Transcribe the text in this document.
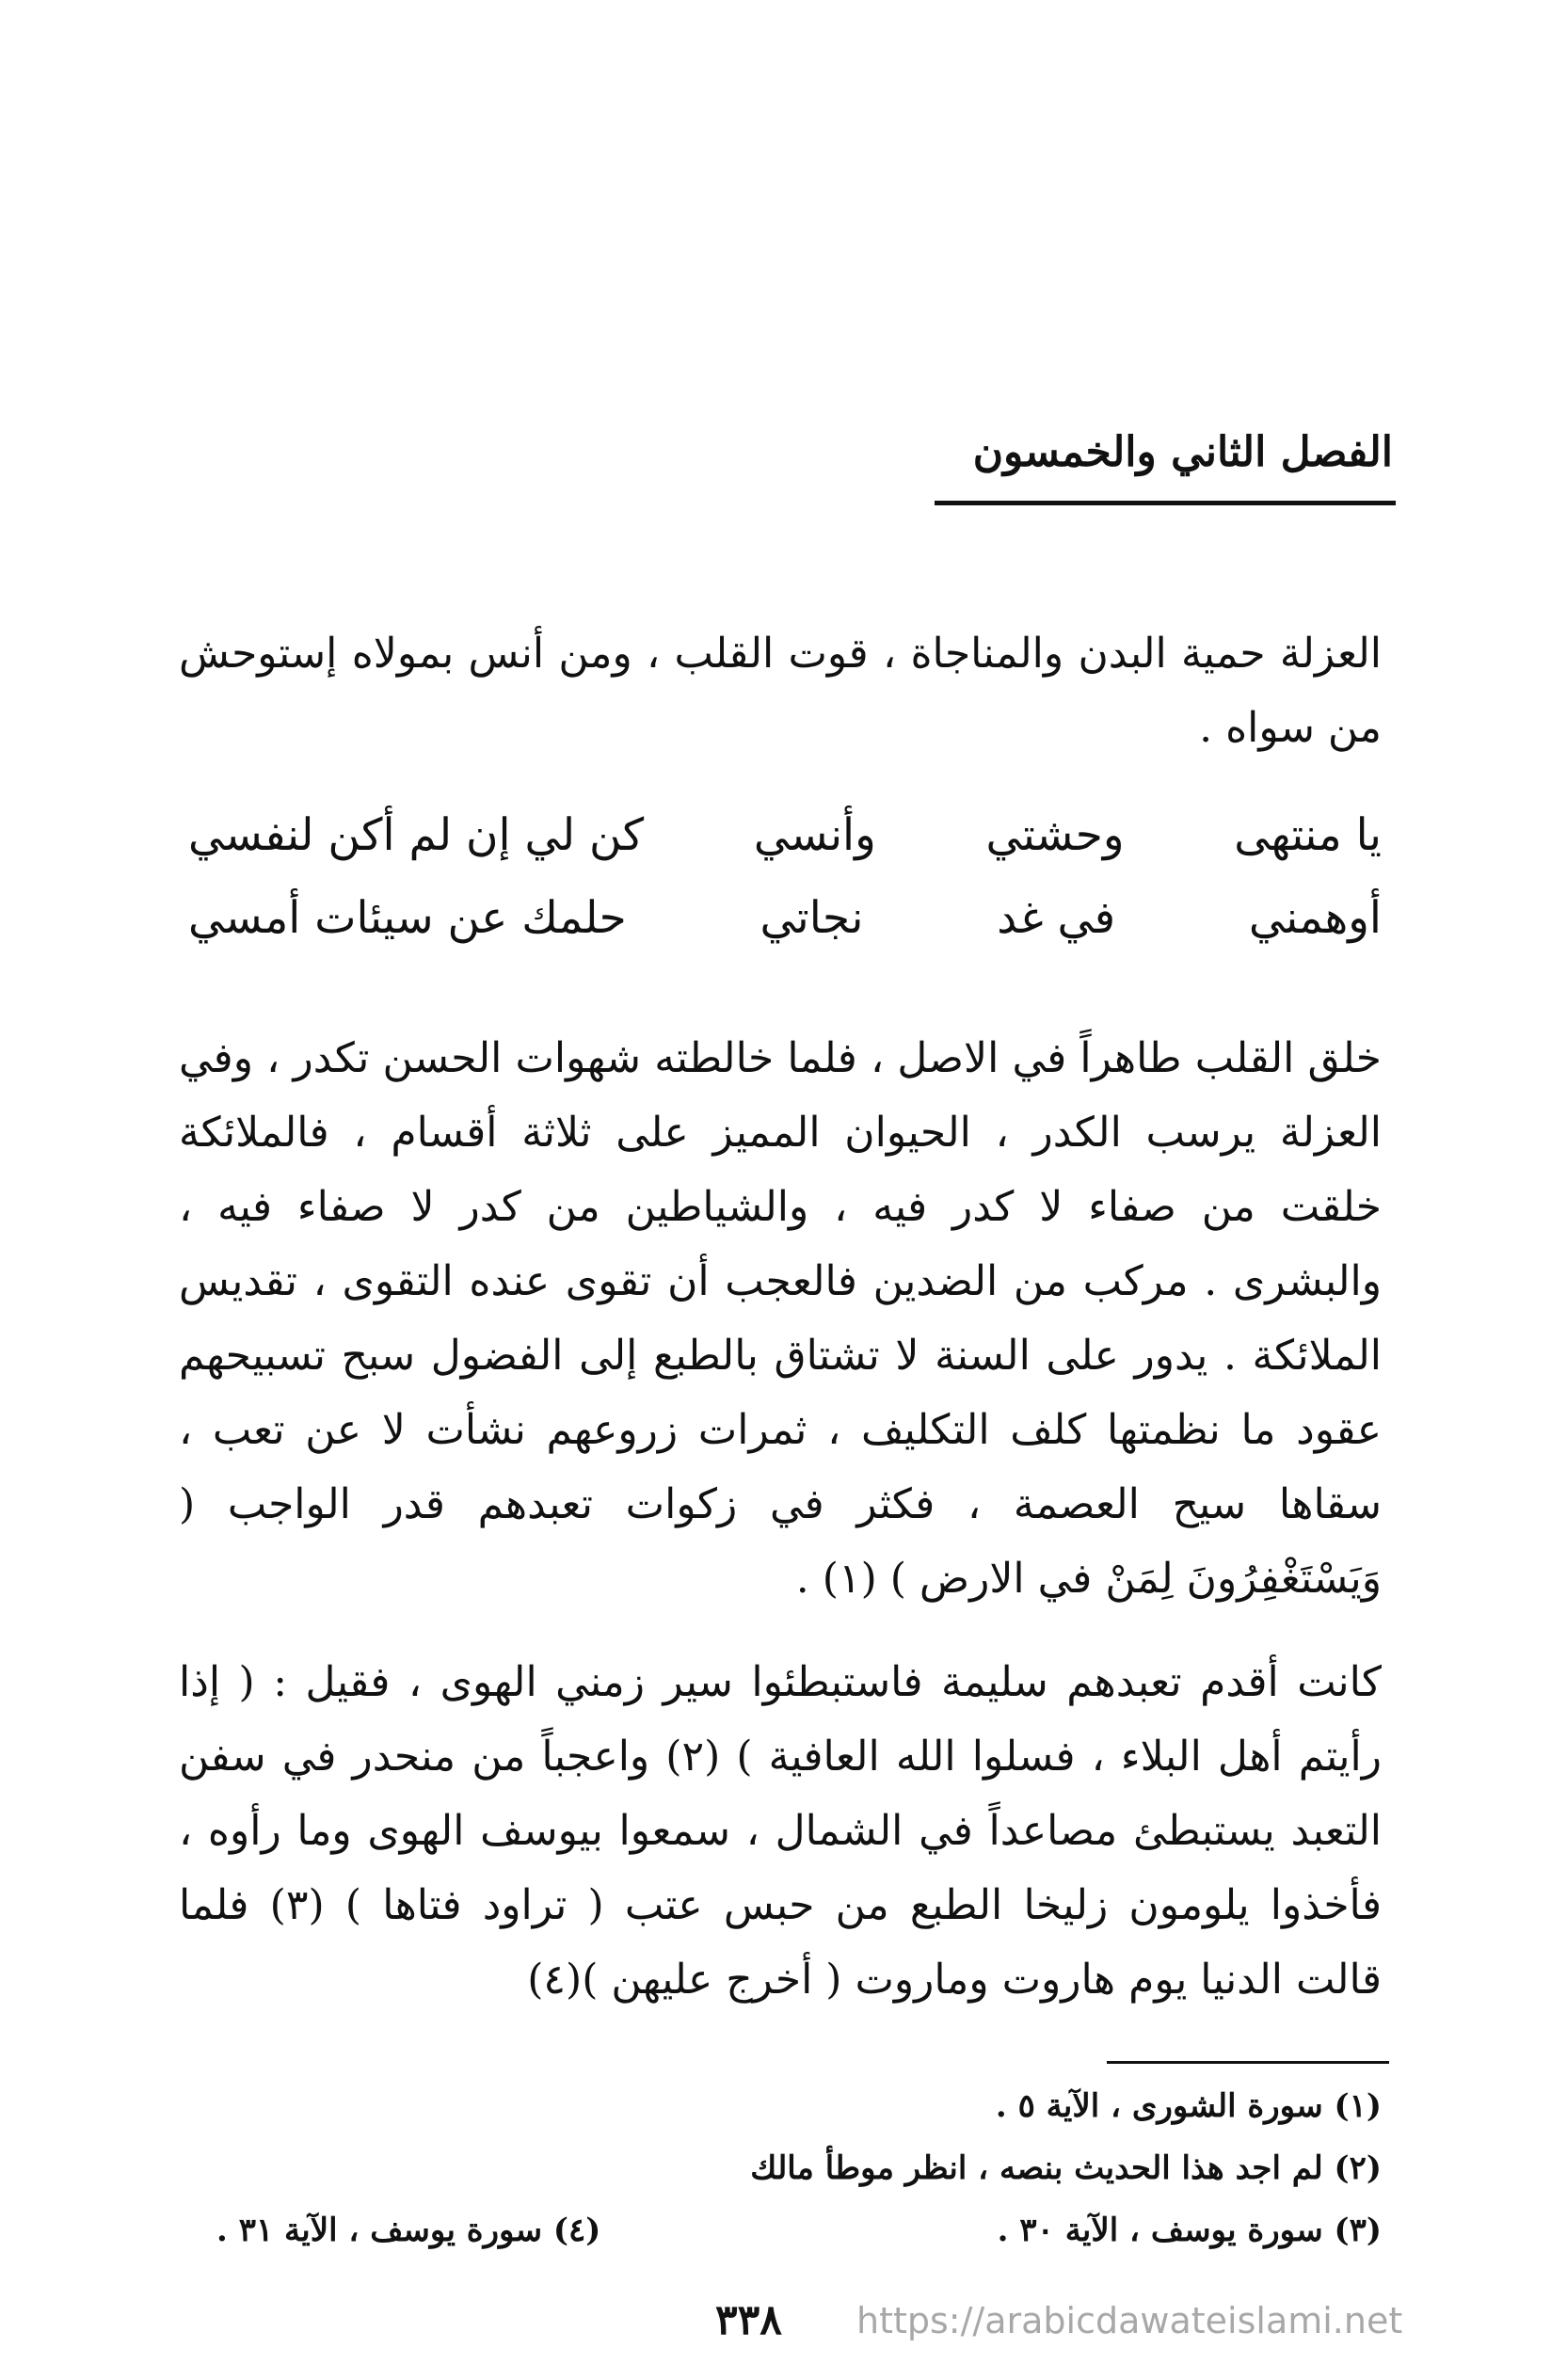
الفصل الثاني والخمسون
العزلة حمية البدن والمناجاة ، قوت القلب ، ومن أنس بمولاه إستوحش من سواه .
يا منتهى
وحشتي
وأنسي
كن لي إن لم أكن لنفسي
أوهمني
في غد
نجاتي
حلمك عن سيئات أمسي
خلق القلب طاهراً في الاصل ، فلما خالطته شهوات الحسن تكدر ، وفي العزلة يرسب الكدر ، الحيوان المميز على ثلاثة أقسام ، فالملائكة خلقت من صفاء لا كدر فيه ، والشياطين من كدر لا صفاء فيه ، والبشرى . مركب من الضدين فالعجب أن تقوى عنده التقوى ، تقديس الملائكة . يدور على السنة لا تشتاق بالطبع إلى الفضول سبح تسبيحهم عقود ما نظمتها كلف التكليف ، ثمرات زروعهم نشأت لا عن تعب ، سقاها سيح العصمة ، فكثر في زكوات تعبدهم قدر الواجب ( وَيَسْتَغْفِرُونَ لِمَنْ في الارض ) (١) .
كانت أقدم تعبدهم سليمة فاستبطئوا سير زمني الهوى ، فقيل : ( إذا رأيتم أهل البلاء ، فسلوا الله العافية ) (٢) واعجباً من منحدر في سفن التعبد يستبطئ مصاعداً في الشمال ، سمعوا بيوسف الهوى وما رأوه ، فأخذوا يلومون زليخا الطبع من حبس عتب ( تراود فتاها ) (٣) فلما قالت الدنيا يوم هاروت وماروت ( أخرج عليهن )(٤)
(١) سورة الشورى ، الآية ٥ .
(٢) لم اجد هذا الحديث بنصه ، انظر موطأ مالك
(٣) سورة يوسف ، الآية ٣٠ .
(٤) سورة يوسف ، الآية ٣١ .
٣٣٨ https://arabicdawateislami.net
